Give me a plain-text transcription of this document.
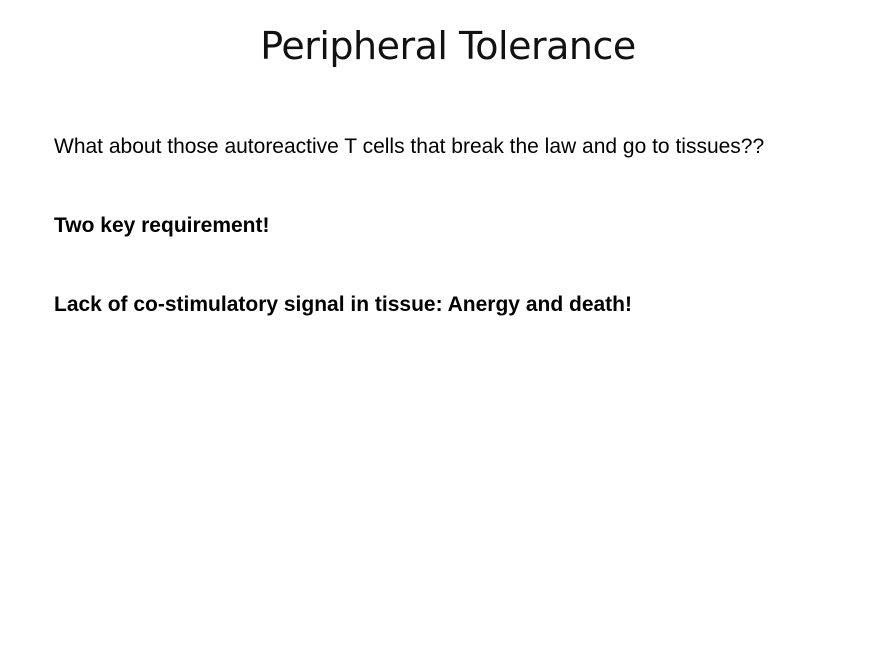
Peripheral Tolerance

What about those autoreactive T cells that break the law and go to tissues??

Two key requirement!

Lack of co-stimulatory signal in tissue: Anergy and death!
